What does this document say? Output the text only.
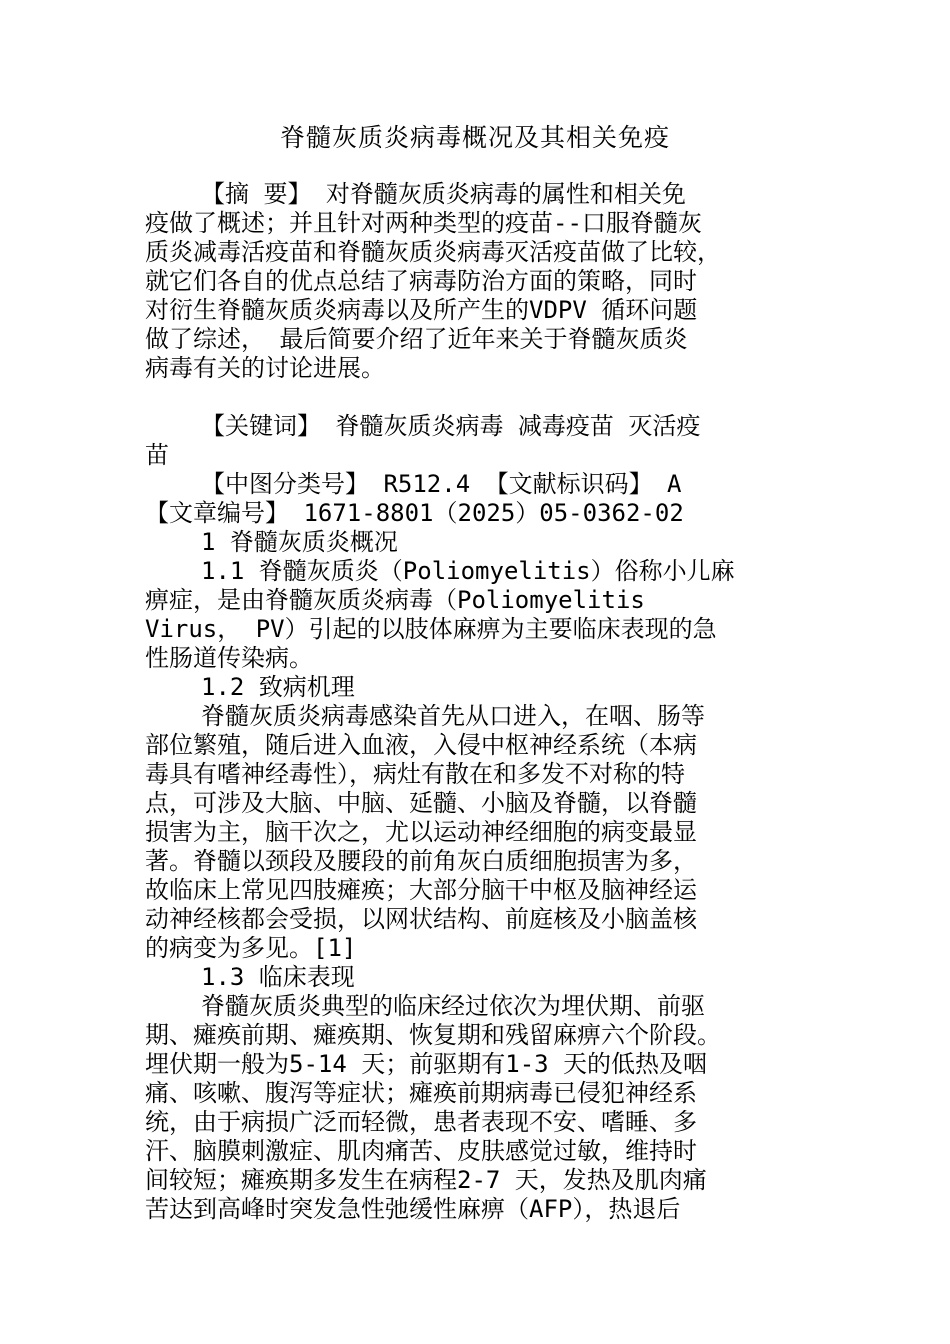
脊髓灰质炎病毒概况及其相关免疫
【摘 要】 对脊髓灰质炎病毒的属性和相关免
疫做了概述；并且针对两种类型的疫苗--口服脊髓灰
质炎减毒活疫苗和脊髓灰质炎病毒灭活疫苗做了比较，
就它们各自的优点总结了病毒防治方面的策略，同时
对衍生脊髓灰质炎病毒以及所产生的VDPV 循环问题
做了综述， 最后简要介绍了近年来关于脊髓灰质炎
病毒有关的讨论进展。
【关键词】 脊髓灰质炎病毒 减毒疫苗 灭活疫
苗
【中图分类号】 R512.4 【文献标识码】 A
【文章编号】 1671-8801（2025）05-0362-02
1 脊髓灰质炎概况
1.1 脊髓灰质炎（Poliomyelitis）俗称小儿麻
痹症，是由脊髓灰质炎病毒（Poliomyelitis
Virus， PV）引起的以肢体麻痹为主要临床表现的急
性肠道传染病。
1.2 致病机理
脊髓灰质炎病毒感染首先从口进入，在咽、肠等
部位繁殖，随后进入血液，入侵中枢神经系统（本病
毒具有嗜神经毒性），病灶有散在和多发不对称的特
点，可涉及大脑、中脑、延髓、小脑及脊髓，以脊髓
损害为主，脑干次之，尤以运动神经细胞的病变最显
著。脊髓以颈段及腰段的前角灰白质细胞损害为多，
故临床上常见四肢瘫痪；大部分脑干中枢及脑神经运
动神经核都会受损，以网状结构、前庭核及小脑盖核
的病变为多见。[1]
1.3 临床表现
脊髓灰质炎典型的临床经过依次为埋伏期、前驱
期、瘫痪前期、瘫痪期、恢复期和残留麻痹六个阶段。
埋伏期一般为5-14 天；前驱期有1-3 天的低热及咽
痛、咳嗽、腹泻等症状；瘫痪前期病毒已侵犯神经系
统，由于病损广泛而轻微，患者表现不安、嗜睡、多
汗、脑膜刺激症、肌肉痛苦、皮肤感觉过敏，维持时
间较短；瘫痪期多发生在病程2-7 天，发热及肌肉痛
苦达到高峰时突发急性弛缓性麻痹（AFP），热退后
